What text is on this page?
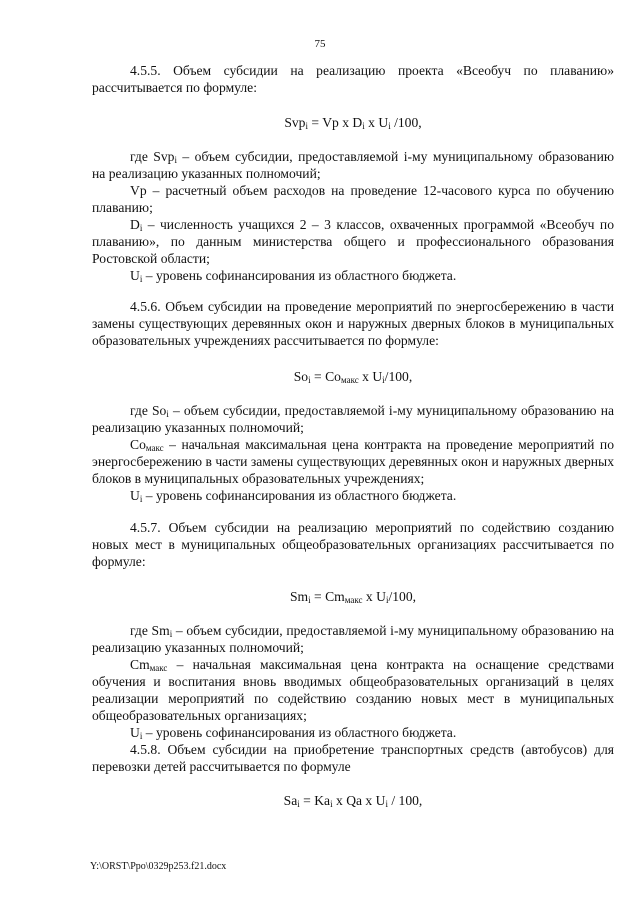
75

4.5.5. Объем субсидии на реализацию проекта «Всеобуч по плаванию» рассчитывается по формуле:

Svp$_i$ = Vp x $D_i$ x $U_i$ /100,

где Svp$_i$ – объем субсидии, предоставляемой i-му муниципальному образованию на реализацию указанных полномочий;

Vp – расчетный объем расходов на проведение 12-часового курса по обучению плаванию;

$D_i$ – численность учащихся 2 – 3 классов, охваченных программой «Всеобуч по плаванию», по данным министерства общего и профессионального образования Ростовской области;

$U_i$ – уровень софинансирования из областного бюджета.

4.5.6. Объем субсидии на проведение мероприятий по энергосбережению в части замены существующих деревянных окон и наружных дверных блоков в муниципальных образовательных учреждениях рассчитывается по формуле:

$So_i = Co_{макс}$ x $U_i/100$,

где $So_i$ – объем субсидии, предоставляемой i-му муниципальному образованию на реализацию указанных полномочий;

$Co_{макс}$ – начальная максимальная цена контракта на проведение мероприятий по энергосбережению в части замены существующих деревянных окон и наружных дверных блоков в муниципальных образовательных учреждениях;

$U_i$ – уровень софинансирования из областного бюджета.

4.5.7. Объем субсидии на реализацию мероприятий по содействию созданию новых мест в муниципальных общеобразовательных организациях рассчитывается по формуле:

$Sm_i = Cm_{макс}$ x $U_i/100$,

где $Sm_i$ – объем субсидии, предоставляемой i-му муниципальному образованию на реализацию указанных полномочий;

$Cm_{макс}$ – начальная максимальная цена контракта на оснащение средствами обучения и воспитания вновь вводимых общеобразовательных организаций в целях реализации мероприятий по содействию созданию новых мест в муниципальных общеобразовательных организациях;

$U_i$ – уровень софинансирования из областного бюджета.

4.5.8. Объем субсидии на приобретение транспортных средств (автобусов) для перевозки детей рассчитывается по формуле

$Sa_i = Ka_i$ x Qa x $U_i / 100$,

Y:\ORST\Ppo\0329p253.f21.docx
